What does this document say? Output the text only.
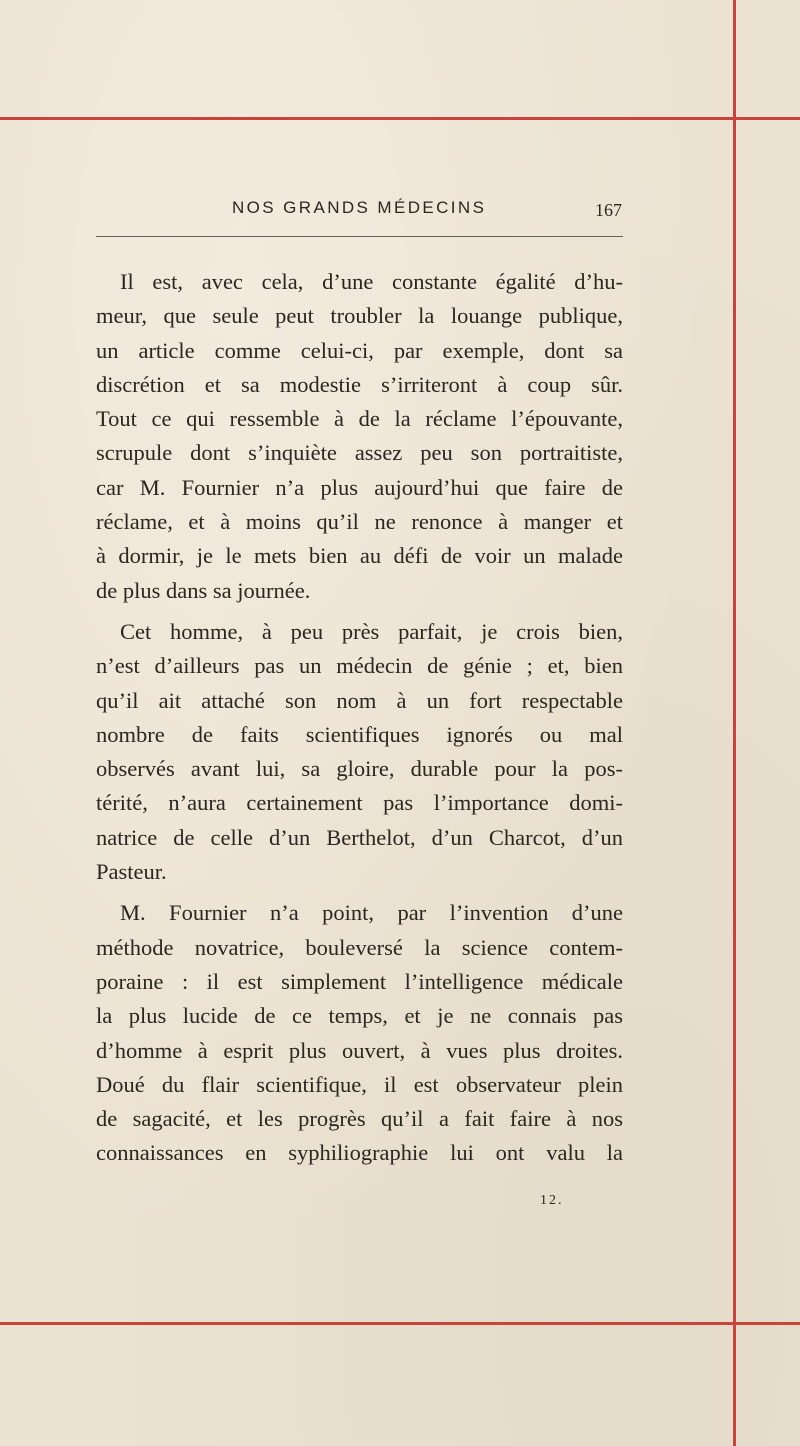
NOS GRANDS MÉDECINS	167
Il est, avec cela, d’une constante égalité d’hu-
meur, que seule peut troubler la louange publique,
un article comme celui-ci, par exemple, dont sa
discrétion et sa modestie s’irriteront à coup sûr.
Tout ce qui ressemble à de la réclame l’épouvante,
scrupule dont s’inquiète assez peu son portraitiste,
car M. Fournier n’a plus aujourd’hui que faire de
réclame, et à moins qu’il ne renonce à manger et
à dormir, je le mets bien au défi de voir un malade
de plus dans sa journée.
Cet homme, à peu près parfait, je crois bien,
n’est d’ailleurs pas un médecin de génie ; et, bien
qu’il ait attaché son nom à un fort respectable
nombre de faits scientifiques ignorés ou mal
observés avant lui, sa gloire, durable pour la pos-
térité, n’aura certainement pas l’importance domi-
natrice de celle d’un Berthelot, d’un Charcot, d’un
Pasteur.
M. Fournier n’a point, par l’invention d’une
méthode novatrice, bouleversé la science contem-
poraine : il est simplement l’intelligence médicale
la plus lucide de ce temps, et je ne connais pas
d’homme à esprit plus ouvert, à vues plus droites.
Doué du flair scientifique, il est observateur plein
de sagacité, et les progrès qu’il a fait faire à nos
connaissances en syphiliographie lui ont valu la
12.
